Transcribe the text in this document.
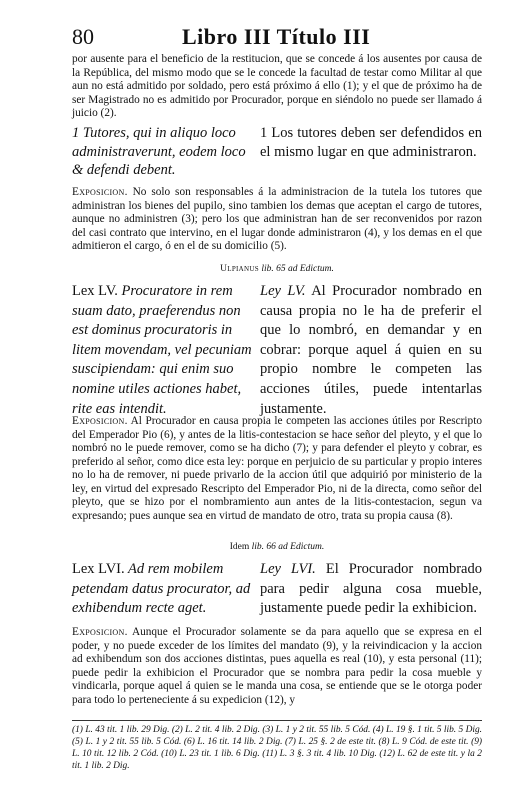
80	Libro III Título III

por ausente para el beneficio de la restitucion, que se concede á los ausentes por causa de la República, del mismo modo que se le concede la facultad de testar como Militar al que aun no está admitido por soldado, pero está próximo á ello (1); y el que de próximo ha de ser Magistrado no es admitido por Procurador, porque en siéndolo no puede ser llamado á juicio (2).

1 Tutores, qui in aliquo loco administraverunt, eodem loco & defendi debent.
1 Los tutores deben ser defendidos en el mismo lugar en que administraron.

Exposicion. No solo son responsables á la administracion de la tutela los tutores que administran los bienes del pupilo, sino tambien los demas que aceptan el cargo de tutores, aunque no administren (3); pero los que administran han de ser reconvenidos por razon del casi contrato que intervino, en el lugar donde administraron (4), y los demas en el que admitieron el cargo, ó en el de su domicilio (5).

Ulpianus lib. 65 ad Edictum.
Lex LV. Procuratore in rem suam dato, praeferendus non est dominus procuratoris in litem movendam, vel pecuniam suscipiendam: qui enim suo nomine utiles actiones habet, rite eas intendit.
Ley LV. Al Procurador nombrado en causa propia no le ha de preferir el que lo nombró, en demandar y en cobrar: porque aquel á quien en su propio nombre le competen las acciones útiles, puede intentarlas justamente.

Exposicion. Al Procurador en causa propia le competen las acciones útiles por Rescripto del Emperador Pio (6), y antes de la litis-contestacion se hace señor del pleyto, y el que lo nombró no le puede remover, como se ha dicho (7); y para defender el pleyto y cobrar, es preferido al señor, como dice esta ley: porque en perjuicio de su particular y propio interes no lo ha de remover, ni puede privarlo de la accion útil que adquirió por ministerio de la ley, en virtud del expresado Rescripto del Emperador Pio, ni de la directa, como señor del pleyto, que se hizo por el nombramiento aun antes de la litis-contestacion, segun va expresando; pues aunque sea en virtud de mandato de otro, trata su propia causa (8).

Idem lib. 66 ad Edictum.
Lex LVI. Ad rem mobilem petendam datus procurator, ad exhibendum recte aget.
Ley LVI. El Procurador nombrado para pedir alguna cosa mueble, justamente puede pedir la exhibicion.

Exposicion. Aunque el Procurador solamente se da para aquello que se expresa en el poder, y no puede exceder de los límites del mandato (9), y la reivindicacion y la accion ad exhibendum son dos acciones distintas, pues aquella es real (10), y esta personal (11); puede pedir la exhibicion el Procurador que se nombra para pedir la cosa mueble y vindicarla, porque aquel á quien se le manda una cosa, se entiende que se le otorga poder para todo lo perteneciente á su expedicion (12), y

(1) L. 43 tit. 1 lib. 29 Dig. (2) L. 2 tit. 4 lib. 2 Dig. (3) L. 1 y 2 tit. 55 lib. 5 Cód. (4) L. 19 §. 1 tit. 5 lib. 5 Dig. (5) L. 1 y 2 tit. 55 lib. 5 Cód. (6) L. 16 tit. 14 lib. 2 Dig. (7) L. 25 §. 2 de este tit. (8) L. 9 Cód. de este tit. (9) L. 10 tit. 12 lib. 2 Cód. (10) L. 23 tit. 1 lib. 6 Dig. (11) L. 3 §. 3 tit. 4 lib. 10 Dig. (12) L. 62 de este tit. y la 2 tit. 1 lib. 2 Dig.
